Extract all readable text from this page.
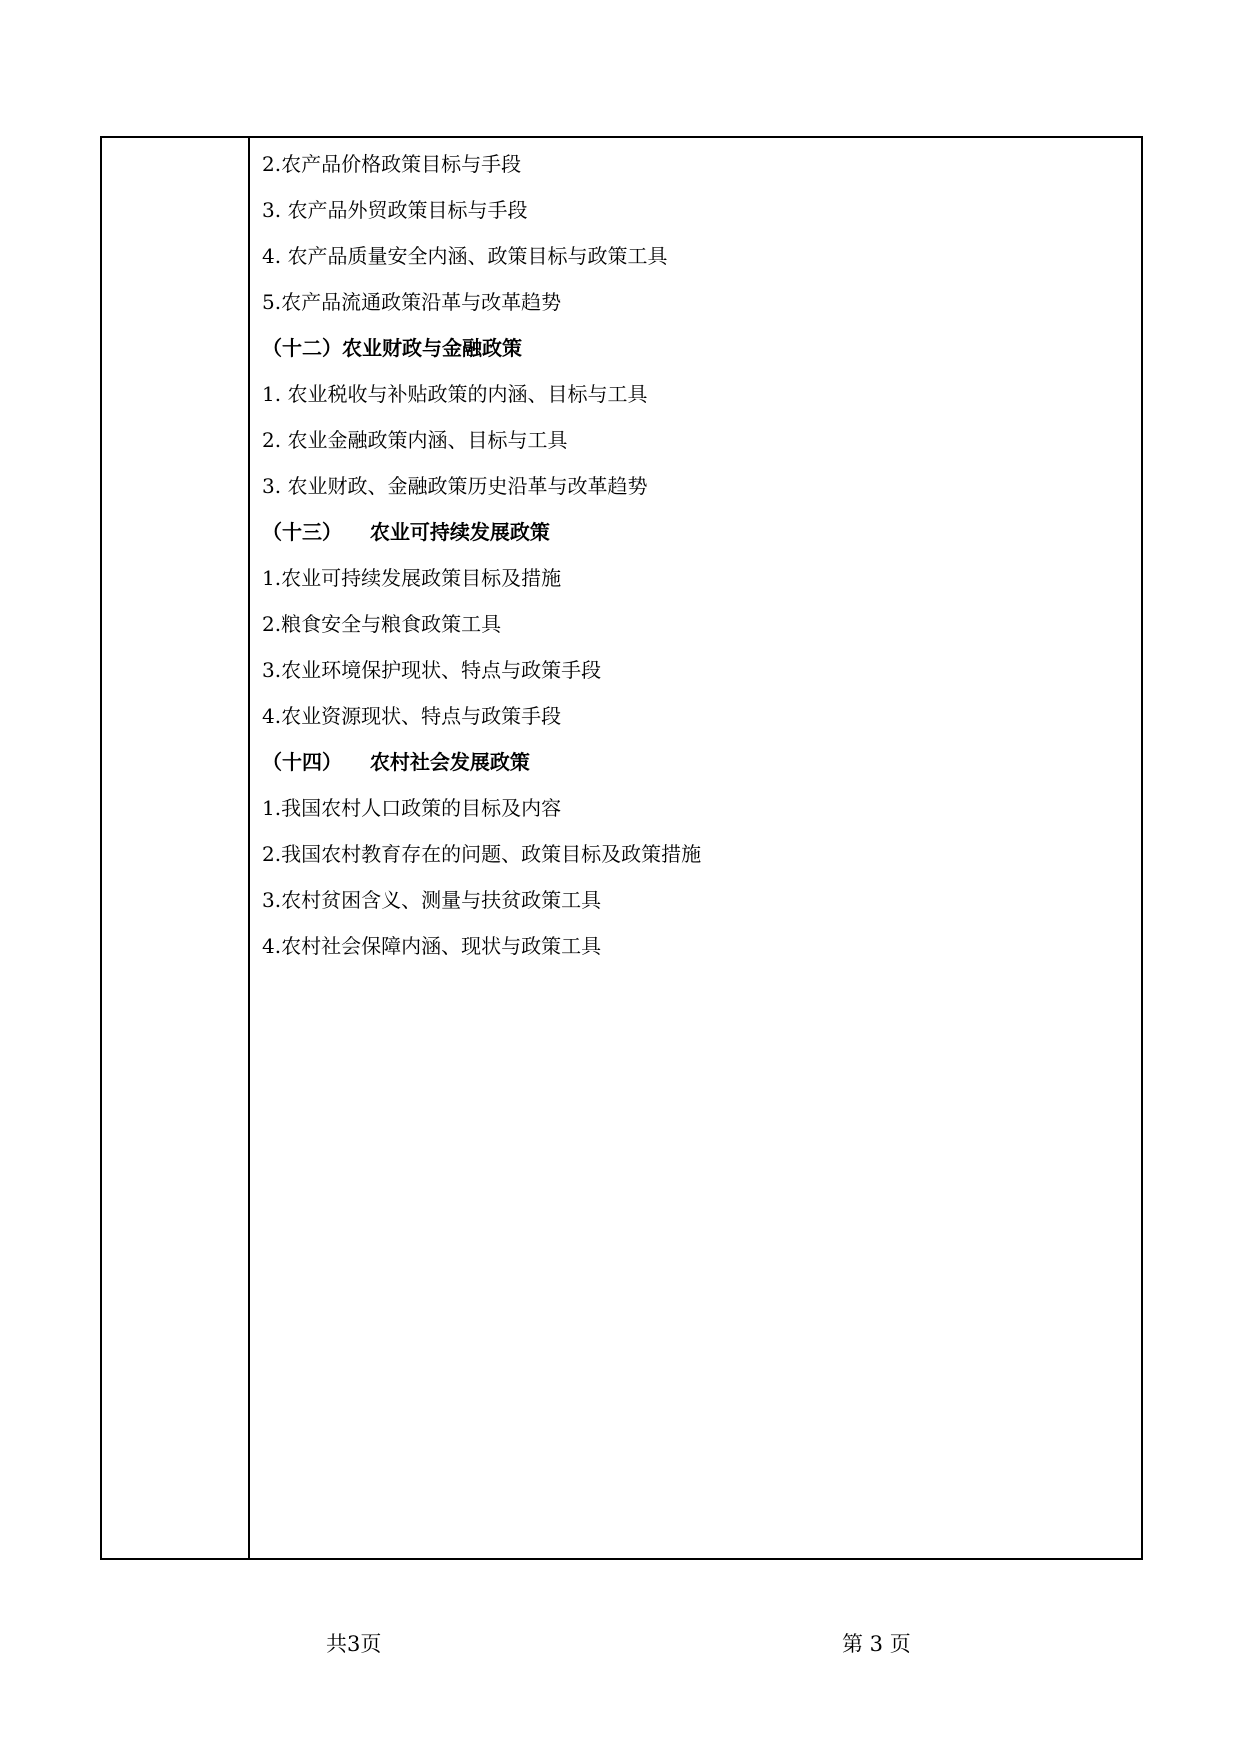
2.农产品价格政策目标与手段
3. 农产品外贸政策目标与手段
4. 农产品质量安全内涵、政策目标与政策工具
5.农产品流通政策沿革与改革趋势
（十二）农业财政与金融政策
1. 农业税收与补贴政策的内涵、目标与工具
2. 农业金融政策内涵、目标与工具
3. 农业财政、金融政策历史沿革与改革趋势
（十三）    农业可持续发展政策
1.农业可持续发展政策目标及措施
2.粮食安全与粮食政策工具
3.农业环境保护现状、特点与政策手段
4.农业资源现状、特点与政策手段
（十四）    农村社会发展政策
1.我国农村人口政策的目标及内容
2.我国农村教育存在的问题、政策目标及政策措施
3.农村贫困含义、测量与扶贫政策工具
4.农村社会保障内涵、现状与政策工具
共3页	第 3 页
